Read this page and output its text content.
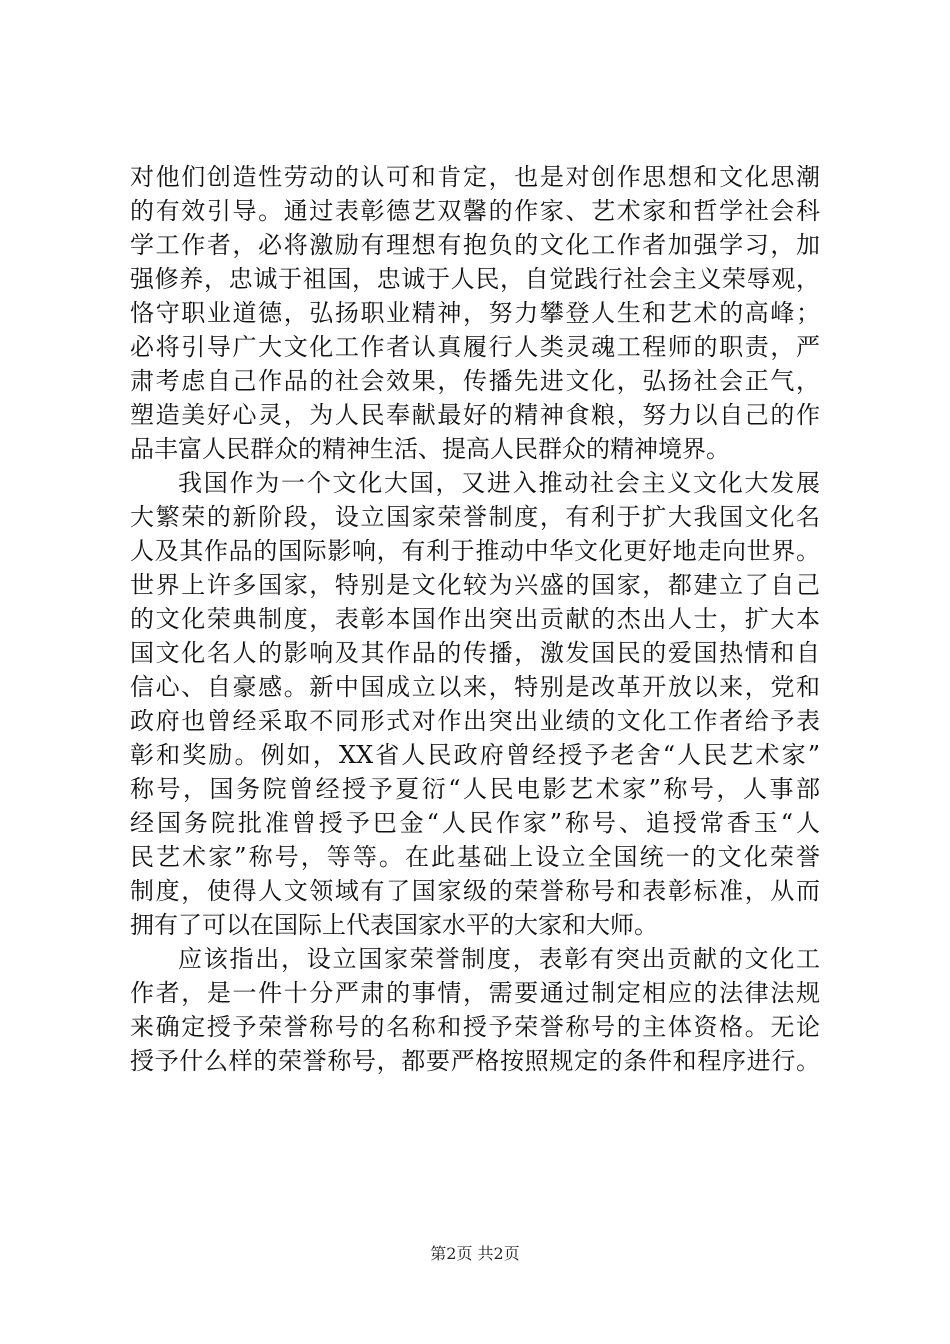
对他们创造性劳动的认可和肯定，也是对创作思想和文化思潮
的有效引导。通过表彰德艺双馨的作家、艺术家和哲学社会科
学工作者，必将激励有理想有抱负的文化工作者加强学习，加
强修养，忠诚于祖国，忠诚于人民，自觉践行社会主义荣辱观，
恪守职业道德，弘扬职业精神，努力攀登人生和艺术的高峰；
必将引导广大文化工作者认真履行人类灵魂工程师的职责，严
肃考虑自己作品的社会效果，传播先进文化，弘扬社会正气，
塑造美好心灵，为人民奉献最好的精神食粮，努力以自己的作
品丰富人民群众的精神生活、提高人民群众的精神境界。
我国作为一个文化大国，又进入推动社会主义文化大发展
大繁荣的新阶段，设立国家荣誉制度，有利于扩大我国文化名
人及其作品的国际影响，有利于推动中华文化更好地走向世界。
世界上许多国家，特别是文化较为兴盛的国家，都建立了自己
的文化荣典制度，表彰本国作出突出贡献的杰出人士，扩大本
国文化名人的影响及其作品的传播，激发国民的爱国热情和自
信心、自豪感。新中国成立以来，特别是改革开放以来，党和
政府也曾经采取不同形式对作出突出业绩的文化工作者给予表
彰和奖励。例如，XX省人民政府曾经授予老舍“人民艺术家”
称号，国务院曾经授予夏衍“人民电影艺术家”称号，人事部
经国务院批准曾授予巴金“人民作家”称号、追授常香玉“人
民艺术家”称号，等等。在此基础上设立全国统一的文化荣誉
制度，使得人文领域有了国家级的荣誉称号和表彰标准，从而
拥有了可以在国际上代表国家水平的大家和大师。
应该指出，设立国家荣誉制度，表彰有突出贡献的文化工
作者，是一件十分严肃的事情，需要通过制定相应的法律法规
来确定授予荣誉称号的名称和授予荣誉称号的主体资格。无论
授予什么样的荣誉称号，都要严格按照规定的条件和程序进行。
第2页 共2页
